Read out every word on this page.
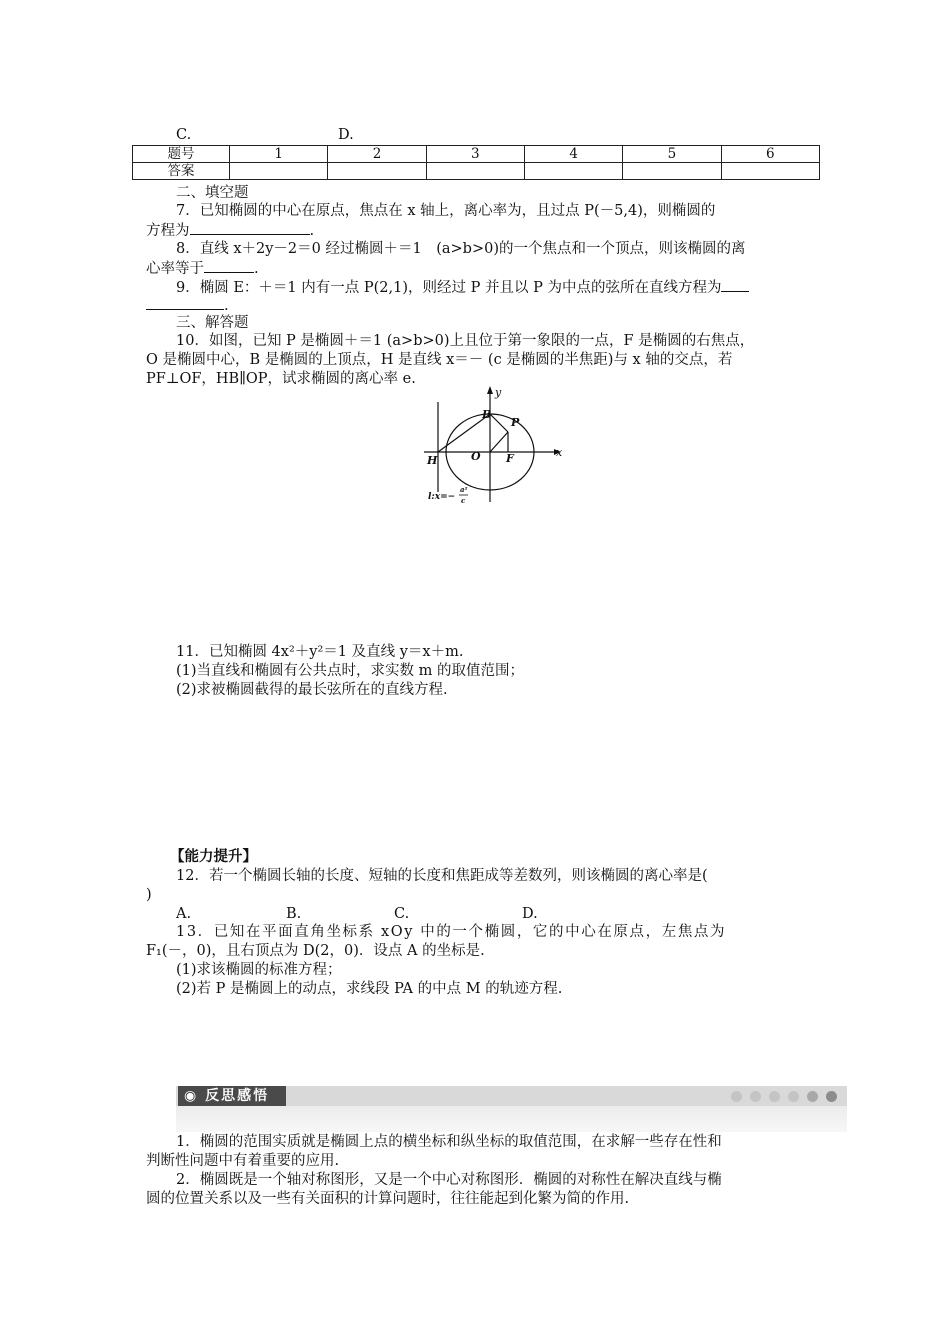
C.	D.
题号	1	2	3	4	5	6
答案						
二、填空题
7．已知椭圆的中心在原点，焦点在 x 轴上，离心率为，且过点 P(－5,4)，则椭圆的
方程为	.
8．直线 x＋2y－2＝0 经过椭圆＋＝1　(a>b>0)的一个焦点和一个顶点，则该椭圆的离
心率等于	.
9．椭圆 E：＋＝1 内有一点 P(2,1)，则经过 P 并且以 P 为中点的弦所在直线方程为
.
三、解答题
10．如图，已知 P 是椭圆＋＝1 (a>b>0)上且位于第一象限的一点，F 是椭圆的右焦点，
O 是椭圆中心，B 是椭圆的上顶点，H 是直线 x＝－ (c 是椭圆的半焦距)与 x 轴的交点，若
PF⊥OF，HB∥OP，试求椭圆的离心率 e.
y
x
B
P
H	O F
l:x=−
a²
c
11．已知椭圆 4x²＋y²＝1 及直线 y＝x＋m.
(1)当直线和椭圆有公共点时，求实数 m 的取值范围；
(2)求被椭圆截得的最长弦所在的直线方程.
【能力提升】
12．若一个椭圆长轴的长度、短轴的长度和焦距成等差数列，则该椭圆的离心率是(
)
A.	B.	C.	D.
13．已知在平面直角坐标系 xOy 中的一个椭圆，它的中心在原点，左焦点为
F₁(－，0)，且右顶点为 D(2，0)．设点 A 的坐标是.
(1)求该椭圆的标准方程；
(2)若 P 是椭圆上的动点，求线段 PA 的中点 M 的轨迹方程.
◉ 反思感悟
1．椭圆的范围实质就是椭圆上点的横坐标和纵坐标的取值范围，在求解一些存在性和
判断性问题中有着重要的应用.
2．椭圆既是一个轴对称图形，又是一个中心对称图形．椭圆的对称性在解决直线与椭
圆的位置关系以及一些有关面积的计算问题时，往往能起到化繁为简的作用.
